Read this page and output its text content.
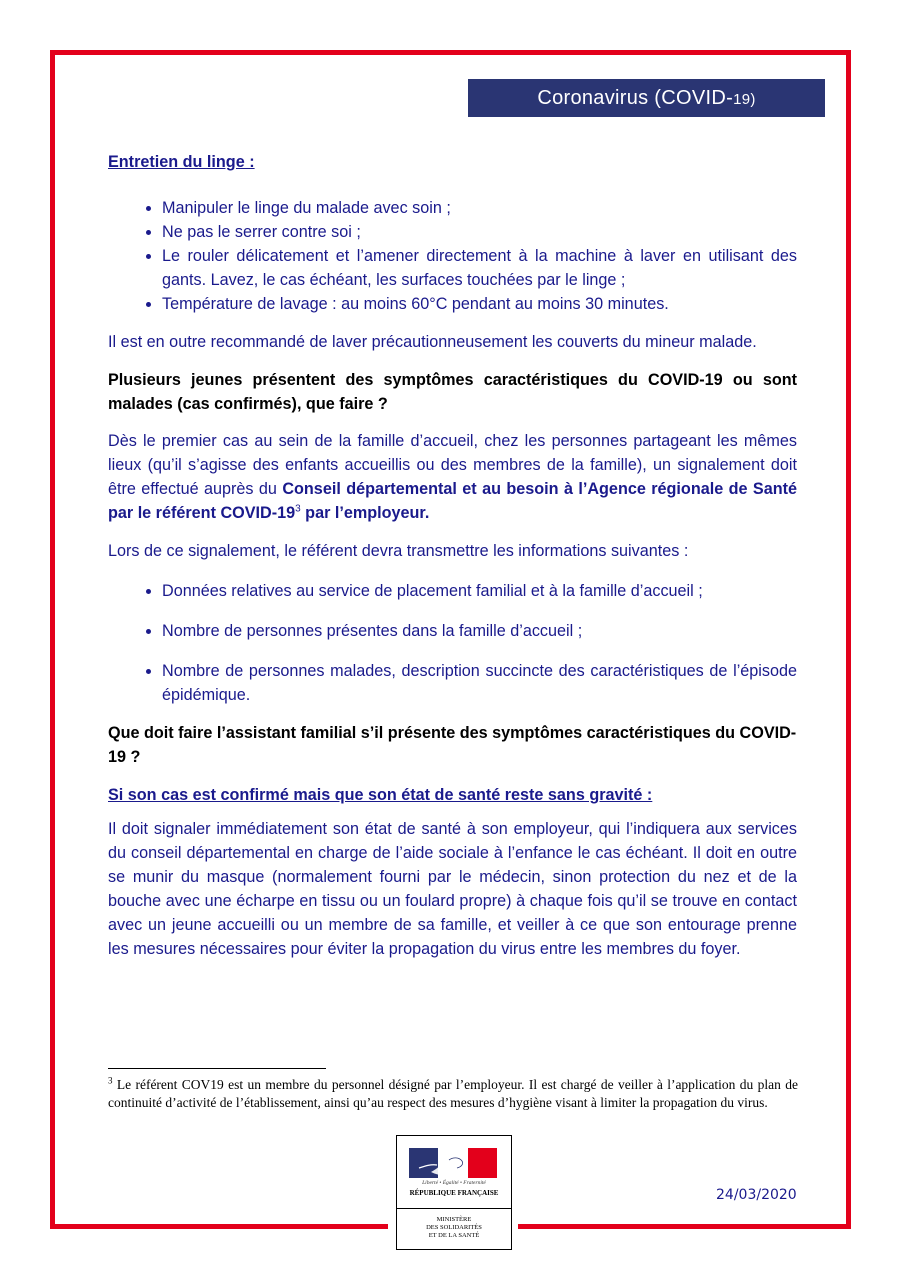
Coronavirus (COVID-19)

Entretien du linge :

• Manipuler le linge du malade avec soin ;
• Ne pas le serrer contre soi ;
• Le rouler délicatement et l’amener directement à la machine à laver en utilisant des gants. Lavez, le cas échéant, les surfaces touchées par le linge ;
• Température de lavage : au moins 60°C pendant au moins 30 minutes.

Il est en outre recommandé de laver précautionneusement les couverts du mineur malade.

Plusieurs jeunes présentent des symptômes caractéristiques du COVID-19 ou sont malades (cas confirmés), que faire ?

Dès le premier cas au sein de la famille d’accueil, chez les personnes partageant les mêmes lieux (qu’il s’agisse des enfants accueillis ou des membres de la famille), un signalement doit être effectué auprès du Conseil départemental et au besoin à l’Agence régionale de Santé par le référent COVID-$19^3$ par l’employeur.

Lors de ce signalement, le référent devra transmettre les informations suivantes :

• Données relatives au service de placement familial et à la famille d’accueil ;
• Nombre de personnes présentes dans la famille d’accueil ;
• Nombre de personnes malades, description succincte des caractéristiques de l’épisode épidémique.

Que doit faire l’assistant familial s’il présente des symptômes caractéristiques du COVID-19 ?

Si son cas est confirmé mais que son état de santé reste sans gravité :

Il doit signaler immédiatement son état de santé à son employeur, qui l’indiquera aux services du conseil départemental en charge de l’aide sociale à l’enfance le cas échéant. Il doit en outre se munir du masque (normalement fourni par le médecin, sinon protection du nez et de la bouche avec une écharpe en tissu ou un foulard propre) à chaque fois qu’il se trouve en contact avec un jeune accueilli ou un membre de sa famille, et veiller à ce que son entourage prenne les mesures nécessaires pour éviter la propagation du virus entre les membres du foyer.

$^3$ Le référent COV19 est un membre du personnel désigné par l’employeur. Il est chargé de veiller à l’application du plan de continuité d’activité de l’établissement, ainsi qu’au respect des mesures d’hygiène visant à limiter la propagation du virus.
Liberté • Égalité • Fraternité
RÉPUBLIQUE FRANÇAISE
MINISTÈRE
DES SOLIDARITÉS
ET DE LA SANTÉ
24/03/2020
